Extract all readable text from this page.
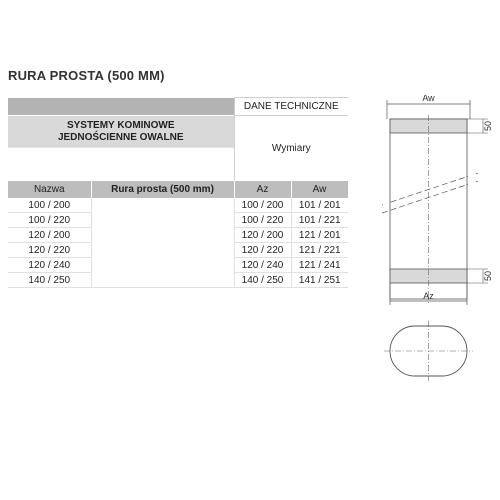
RURA PROSTA (500 MM)
		DANE TECHNICZNE	

SYSTEMY KOMINOWE
JEDNOŚCIENNE OWALNE		Wymiary	

Nazwa	Rura prosta (500 mm)	Az	Aw
100 / 200		100 / 200	101 / 201
100 / 220		100 / 220	101 / 221
120 / 200		120 / 200	121 / 201
120 / 220		120 / 220	121 / 221
120 / 240		120 / 240	121 / 241
140 / 250		140 / 250	141 / 251
Aw
50
50
Az
